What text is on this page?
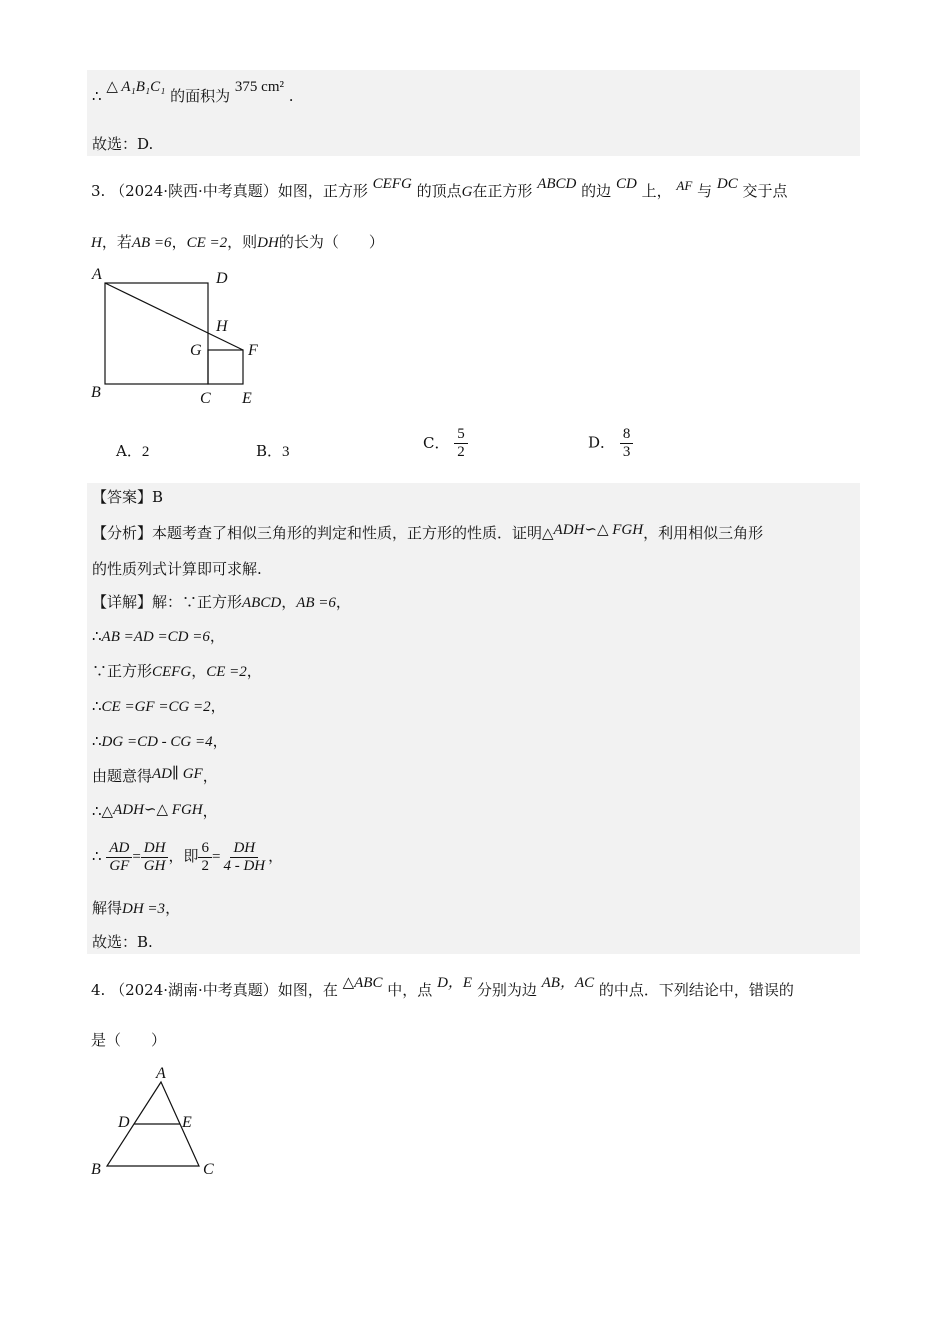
∴ △ A₁B₁C₁ 的面积为 375 cm² .
故选：D.
3. （2024·陕西·中考真题）如图，正方形 CEFG 的顶点G在正方形 ABCD 的边 CD 上， AF 与 DC 交于点
H，若AB =6，CE =2，则DH的长为（　　）
A	D
H
G	F
B	C E
A．2	B．3
C． $\frac{5}{2}$	D． $\frac{8}{3}$
【答案】B
【分析】本题考查了相似三角形的判定和性质，正方形的性质．证明△ADH∽△ FGH，利用相似三角形
的性质列式计算即可求解.
【详解】解：∵正方形ABCD，AB =6，
∴AB =AD =CD =6，
∵正方形CEFG，CE =2，
∴CE =GF =CG =2，
∴DG =CD - CG =4，
由题意得AD∥ GF，
∴△ADH∽△ FGH，
∴ $\frac{AD}{GF} = \frac{DH}{GH}$ ，即 $\frac{6}{2} = \frac{DH}{4 - DH}$ ，
解得DH =3，
故选：B.
4. （2024·湖南·中考真题）如图，在 △ABC 中，点 D，E 分别为边 AB，AC 的中点．下列结论中，错误的
是（　　）
A
D	E
B	C
